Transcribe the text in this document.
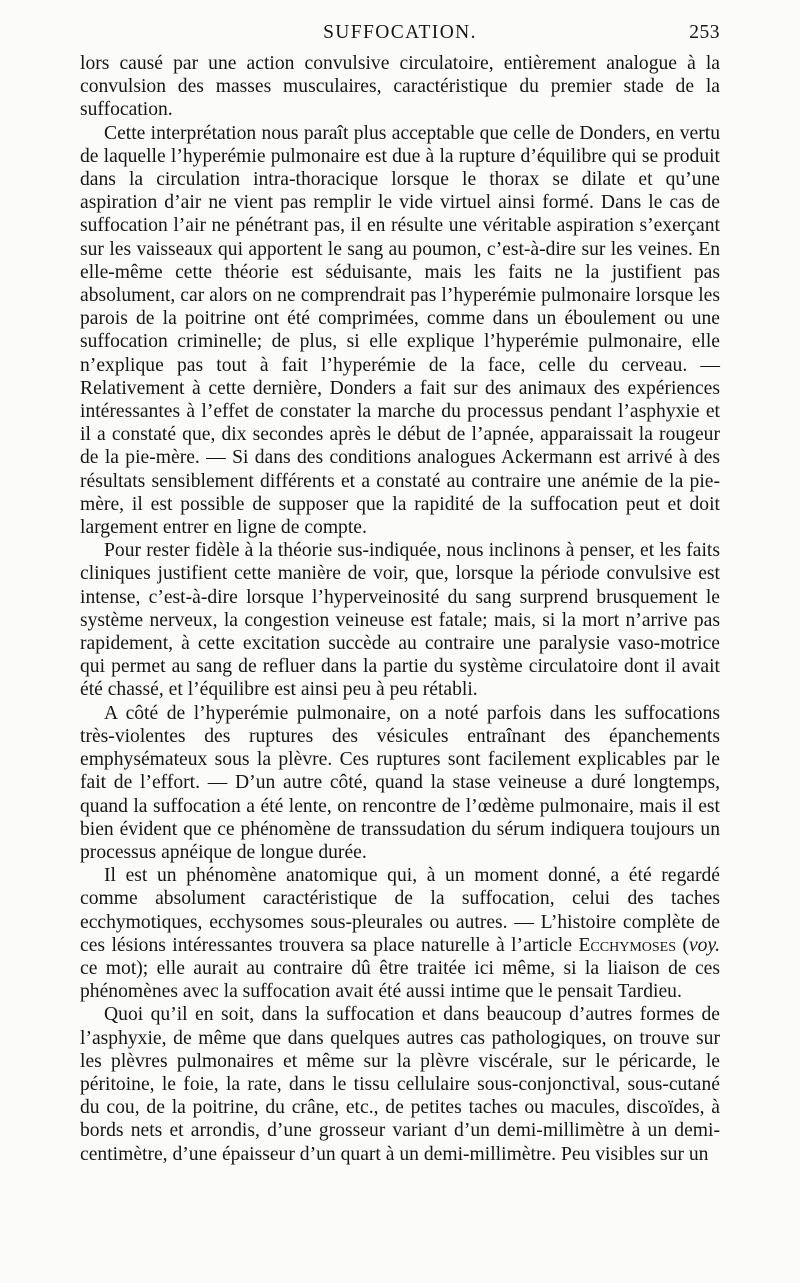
SUFFOCATION.	253

lors causé par une action convulsive circulatoire, entièrement analogue à la convulsion des masses musculaires, caractéristique du premier stade de la suffocation.

Cette interprétation nous paraît plus acceptable que celle de Donders, en vertu de laquelle l’hyperémie pulmonaire est due à la rupture d’équilibre qui se produit dans la circulation intra-thoracique lorsque le thorax se dilate et qu’une aspiration d’air ne vient pas remplir le vide virtuel ainsi formé. Dans le cas de suffocation l’air ne pénétrant pas, il en résulte une véritable aspiration s’exerçant sur les vaisseaux qui apportent le sang au poumon, c’est-à-dire sur les veines. En elle-même cette théorie est séduisante, mais les faits ne la justifient pas absolument, car alors on ne comprendrait pas l’hyperémie pulmonaire lorsque les parois de la poitrine ont été comprimées, comme dans un éboulement ou une suffocation criminelle; de plus, si elle explique l’hyperémie pulmonaire, elle n’explique pas tout à fait l’hyperémie de la face, celle du cerveau. — Relativement à cette dernière, Donders a fait sur des animaux des expériences intéressantes à l’effet de constater la marche du processus pendant l’asphyxie et il a constaté que, dix secondes après le début de l’apnée, apparaissait la rougeur de la pie-mère. — Si dans des conditions analogues Ackermann est arrivé à des résultats sensiblement différents et a constaté au contraire une anémie de la pie-mère, il est possible de supposer que la rapidité de la suffocation peut et doit largement entrer en ligne de compte.

Pour rester fidèle à la théorie sus-indiquée, nous inclinons à penser, et les faits cliniques justifient cette manière de voir, que, lorsque la période convulsive est intense, c’est-à-dire lorsque l’hyperveinosité du sang surprend brusquement le système nerveux, la congestion veineuse est fatale; mais, si la mort n’arrive pas rapidement, à cette excitation succède au contraire une paralysie vaso-motrice qui permet au sang de refluer dans la partie du système circulatoire dont il avait été chassé, et l’équilibre est ainsi peu à peu rétabli.

A côté de l’hyperémie pulmonaire, on a noté parfois dans les suffocations très-violentes des ruptures des vésicules entraînant des épanchements emphysémateux sous la plèvre. Ces ruptures sont facilement explicables par le fait de l’effort. — D’un autre côté, quand la stase veineuse a duré longtemps, quand la suffocation a été lente, on rencontre de l’œdème pulmonaire, mais il est bien évident que ce phénomène de transsudation du sérum indiquera toujours un processus apnéique de longue durée.

Il est un phénomène anatomique qui, à un moment donné, a été regardé comme absolument caractéristique de la suffocation, celui des taches ecchymotiques, ecchysomes sous-pleurales ou autres. — L’histoire complète de ces lésions intéressantes trouvera sa place naturelle à l’article Ecchymoses (voy. ce mot); elle aurait au contraire dû être traitée ici même, si la liaison de ces phénomènes avec la suffocation avait été aussi intime que le pensait Tardieu.

Quoi qu’il en soit, dans la suffocation et dans beaucoup d’autres formes de l’asphyxie, de même que dans quelques autres cas pathologiques, on trouve sur les plèvres pulmonaires et même sur la plèvre viscérale, sur le péricarde, le péritoine, le foie, la rate, dans le tissu cellulaire sous-conjonctival, sous-cutané du cou, de la poitrine, du crâne, etc., de petites taches ou macules, discoïdes, à bords nets et arrondis, d’une grosseur variant d’un demi-millimètre à un demi-centimètre, d’une épaisseur d’un quart à un demi-millimètre. Peu visibles sur un
